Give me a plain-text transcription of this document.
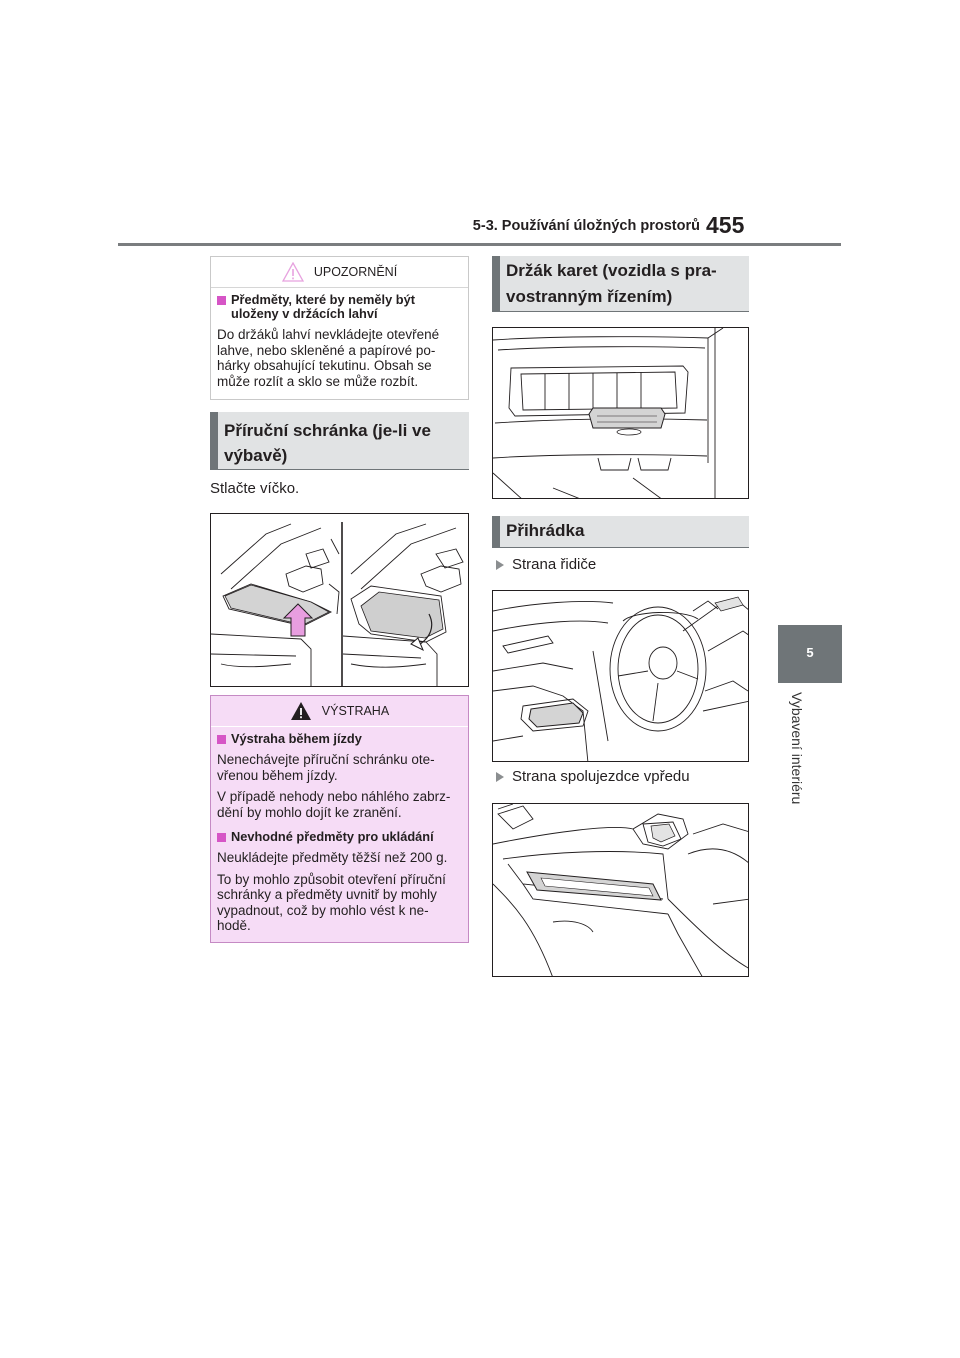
5-3. Používání úložných prostorů 455
5
Vybavení interiéru
UPOZORNĚNÍ
Předměty, které by neměly být uloženy v držácích lahví
Do držáků lahví nevkládejte otevřené lahve, nebo skleněné a papírové po-hárky obsahující tekutinu. Obsah se může rozlít a sklo se může rozbít.
Příruční schránka (je-li ve výbavě)
Stlačte víčko.
VÝSTRAHA
Výstraha během jízdy
Nenechávejte příruční schránku ote-vřenou během jízdy.
V případě nehody nebo náhlého zabrz-dění by mohlo dojít ke zranění.
Nevhodné předměty pro ukládání
Neukládejte předměty těžší než 200 g.
To by mohlo způsobit otevření příruční schránky a předměty uvnitř by mohly vypadnout, což by mohlo vést k ne-hodě.
Držák karet (vozidla s pra-vostranným řízením)
Přihrádka
Strana řidiče
Strana spolujezdce vpředu
